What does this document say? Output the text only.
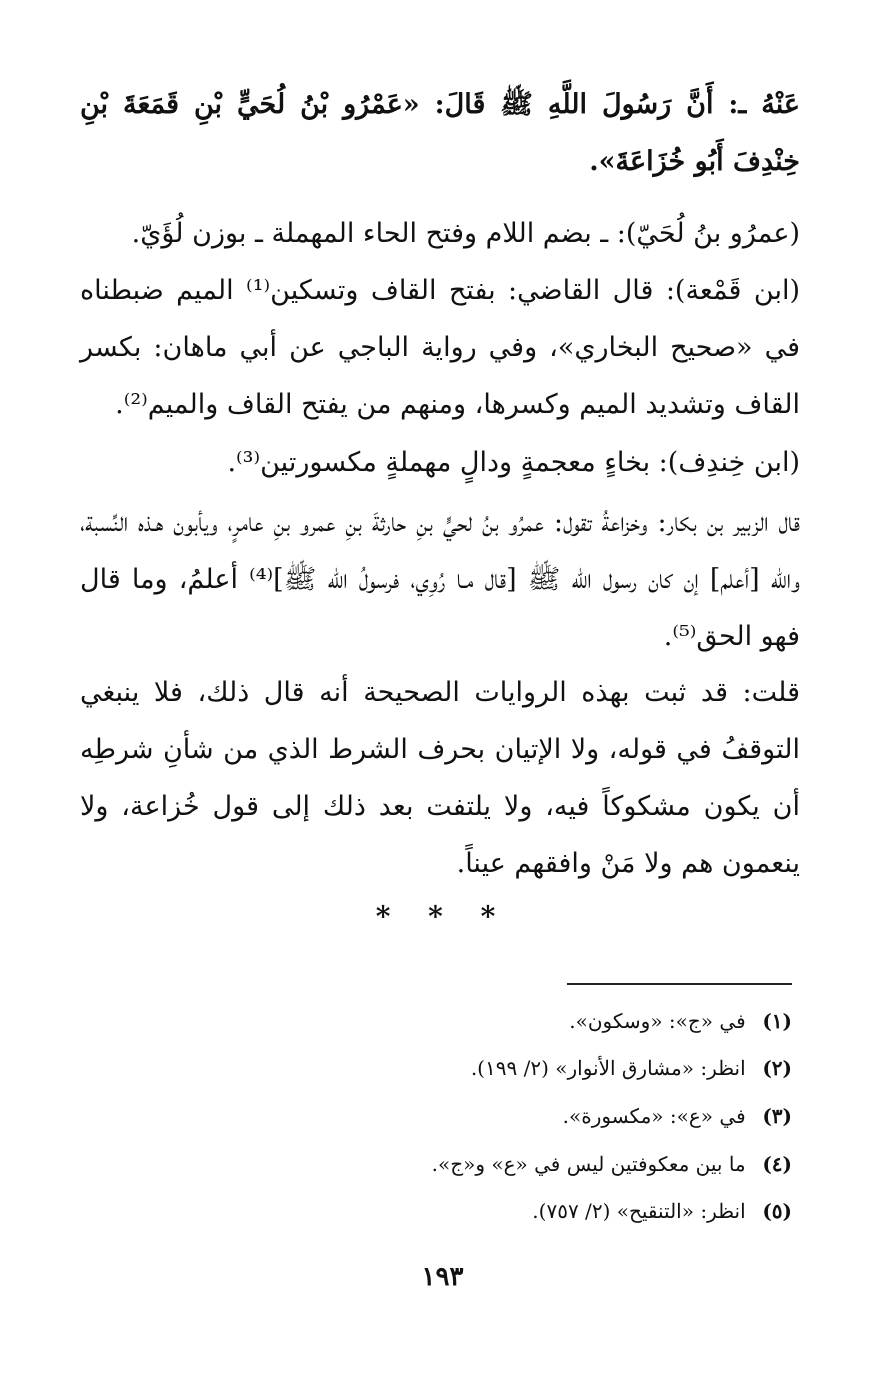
عَنْهُ ـ: أَنَّ رَسُولَ اللَّهِ ﷺ قَالَ: «عَمْرُو بْنُ لُحَيٍّ بْنِ قَمَعَةَ بْنِ خِنْدِفَ أَبُو خُزَاعَةَ».
(عمرُو بنُ لُحَيّ): ـ بضم اللام وفتح الحاء المهملة ـ بوزن لُؤَيّ.
(ابن قَمْعة): قال القاضي: بفتح القاف وتسكين⁽¹⁾ الميم ضبطناه في «صحيح البخاري»، وفي رواية الباجي عن أبي ماهان: بكسر القاف وتشديد الميم وكسرها، ومنهم من يفتح القاف والميم⁽²⁾.
(ابن خِندِف): بخاءٍ معجمةٍ ودالٍ مهملةٍ مكسورتين⁽³⁾.
قال الزبير بن بكار: وخزاعةُ تقول: عمرُو بنُ لحيٍّ بنِ حارثةَ بنِ عمرو بنِ عامرٍ، ويأبون هـذه النِّسبة، والله [أعلم] إن كان رسول الله ﷺ [قال مـا رُوِي، فرسولُ الله ﷺ]⁽⁴⁾ أعلمُ، وما قال فهو الحق⁽⁵⁾.
قلت: قد ثبت بهذه الروايات الصحيحة أنه قال ذلك، فلا ينبغي التوقفُ في قوله، ولا الإتيان بحرف الشرط الذي من شأنِ شرطِه أن يكون مشكوكاً فيه، ولا يلتفت بعد ذلك إلى قول خُزاعة، ولا ينعمون هم ولا مَنْ وافقهم عيناً.
* * *
(١) في «ج»: «وسكون».
(٢) انظر: «مشارق الأنوار» (٢/ ١٩٩).
(٣) في «ع»: «مكسورة».
(٤) ما بين معكوفتين ليس في «ع» و«ج».
(٥) انظر: «التنقيح» (٢/ ٧٥٧).
١٩٣
